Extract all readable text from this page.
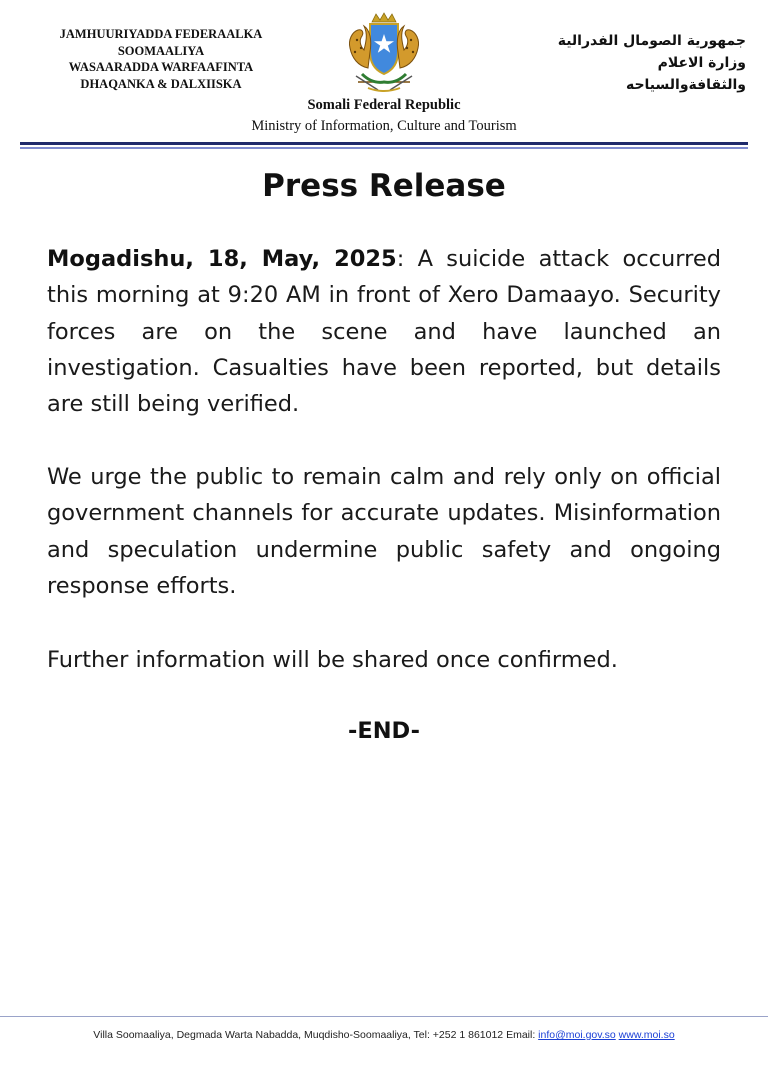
JAMHUURIYADDA FEDERAALKA
SOOMAALIYA
WASAARADDA WARFAAFINTA
DHAQANKA & DALXIISKA
جمهورية الصومال الفدرالية
وزارة الاعلام
والثقافةوالسياحه
Somali Federal Republic
Ministry of Information, Culture and Tourism
Press Release
Mogadishu, 18, May, 2025: A suicide attack occurred this morning at 9:20 AM in front of Xero Damaayo. Security forces are on the scene and have launched an investigation. Casualties have been reported, but details are still being verified.
We urge the public to remain calm and rely only on official government channels for accurate updates. Misinformation and speculation undermine public safety and ongoing response efforts.
Further information will be shared once confirmed.
-END-
Villa Soomaaliya, Degmada Warta Nabadda, Muqdisho-Soomaaliya, Tel: +252 1 861012 Email: info@moi.gov.so www.moi.so
